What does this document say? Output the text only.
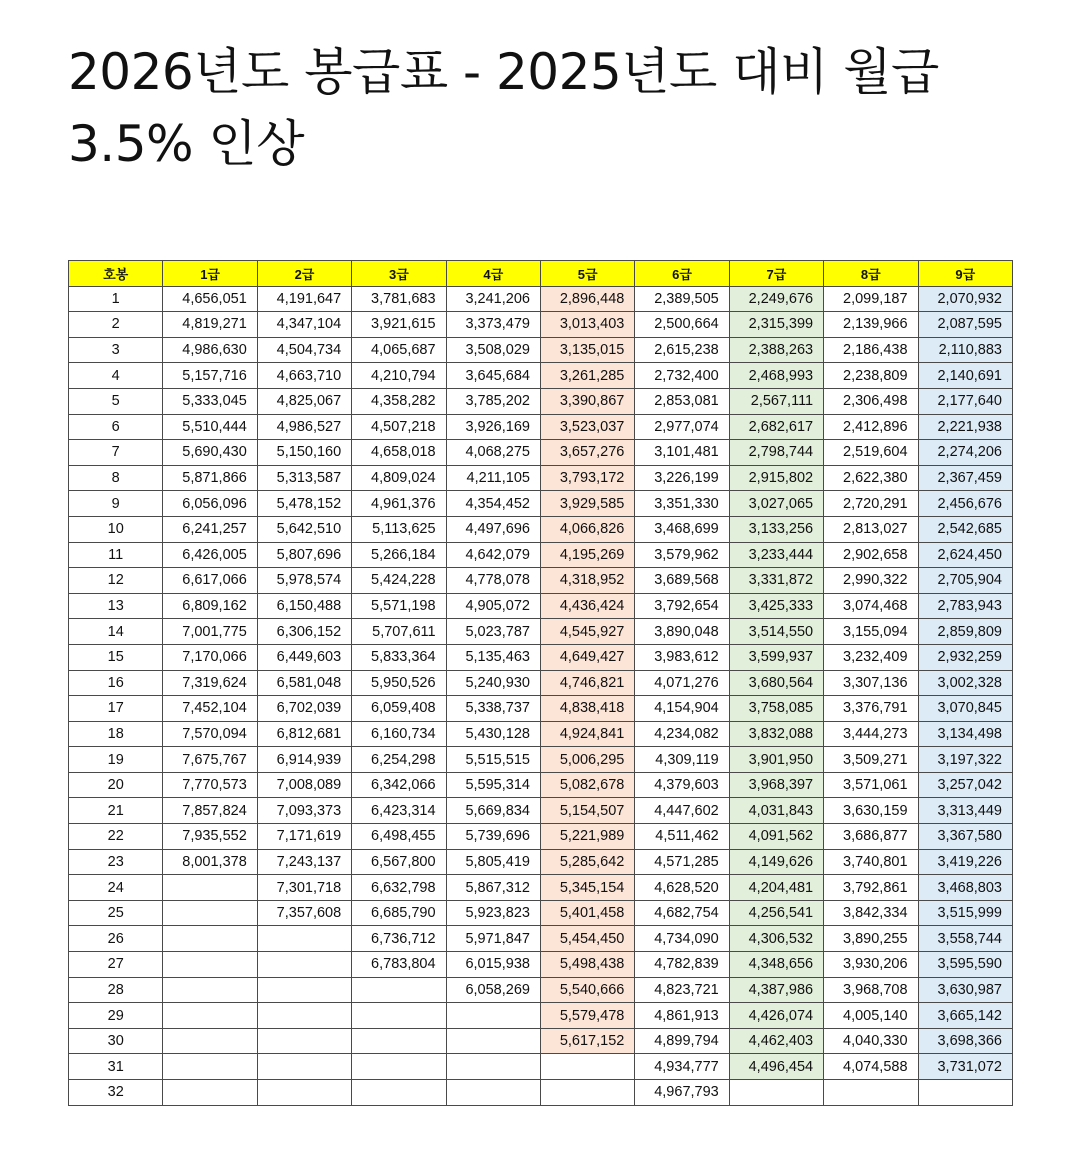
2026년도 봉급표 - 2025년도 대비 월급 3.5% 인상
호봉	1급	2급	3급	4급	5급	6급	7급	8급	9급
1	4,656,051	4,191,647	3,781,683	3,241,206	2,896,448	2,389,505	2,249,676	2,099,187	2,070,932
2	4,819,271	4,347,104	3,921,615	3,373,479	3,013,403	2,500,664	2,315,399	2,139,966	2,087,595
3	4,986,630	4,504,734	4,065,687	3,508,029	3,135,015	2,615,238	2,388,263	2,186,438	2,110,883
4	5,157,716	4,663,710	4,210,794	3,645,684	3,261,285	2,732,400	2,468,993	2,238,809	2,140,691
5	5,333,045	4,825,067	4,358,282	3,785,202	3,390,867	2,853,081	2,567,111	2,306,498	2,177,640
6	5,510,444	4,986,527	4,507,218	3,926,169	3,523,037	2,977,074	2,682,617	2,412,896	2,221,938
7	5,690,430	5,150,160	4,658,018	4,068,275	3,657,276	3,101,481	2,798,744	2,519,604	2,274,206
8	5,871,866	5,313,587	4,809,024	4,211,105	3,793,172	3,226,199	2,915,802	2,622,380	2,367,459
9	6,056,096	5,478,152	4,961,376	4,354,452	3,929,585	3,351,330	3,027,065	2,720,291	2,456,676
10	6,241,257	5,642,510	5,113,625	4,497,696	4,066,826	3,468,699	3,133,256	2,813,027	2,542,685
11	6,426,005	5,807,696	5,266,184	4,642,079	4,195,269	3,579,962	3,233,444	2,902,658	2,624,450
12	6,617,066	5,978,574	5,424,228	4,778,078	4,318,952	3,689,568	3,331,872	2,990,322	2,705,904
13	6,809,162	6,150,488	5,571,198	4,905,072	4,436,424	3,792,654	3,425,333	3,074,468	2,783,943
14	7,001,775	6,306,152	5,707,611	5,023,787	4,545,927	3,890,048	3,514,550	3,155,094	2,859,809
15	7,170,066	6,449,603	5,833,364	5,135,463	4,649,427	3,983,612	3,599,937	3,232,409	2,932,259
16	7,319,624	6,581,048	5,950,526	5,240,930	4,746,821	4,071,276	3,680,564	3,307,136	3,002,328
17	7,452,104	6,702,039	6,059,408	5,338,737	4,838,418	4,154,904	3,758,085	3,376,791	3,070,845
18	7,570,094	6,812,681	6,160,734	5,430,128	4,924,841	4,234,082	3,832,088	3,444,273	3,134,498
19	7,675,767	6,914,939	6,254,298	5,515,515	5,006,295	4,309,119	3,901,950	3,509,271	3,197,322
20	7,770,573	7,008,089	6,342,066	5,595,314	5,082,678	4,379,603	3,968,397	3,571,061	3,257,042
21	7,857,824	7,093,373	6,423,314	5,669,834	5,154,507	4,447,602	4,031,843	3,630,159	3,313,449
22	7,935,552	7,171,619	6,498,455	5,739,696	5,221,989	4,511,462	4,091,562	3,686,877	3,367,580
23	8,001,378	7,243,137	6,567,800	5,805,419	5,285,642	4,571,285	4,149,626	3,740,801	3,419,226
24		7,301,718	6,632,798	5,867,312	5,345,154	4,628,520	4,204,481	3,792,861	3,468,803
25		7,357,608	6,685,790	5,923,823	5,401,458	4,682,754	4,256,541	3,842,334	3,515,999
26			6,736,712	5,971,847	5,454,450	4,734,090	4,306,532	3,890,255	3,558,744
27			6,783,804	6,015,938	5,498,438	4,782,839	4,348,656	3,930,206	3,595,590
28				6,058,269	5,540,666	4,823,721	4,387,986	3,968,708	3,630,987
29					5,579,478	4,861,913	4,426,074	4,005,140	3,665,142
30					5,617,152	4,899,794	4,462,403	4,040,330	3,698,366
31						4,934,777	4,496,454	4,074,588	3,731,072
32						4,967,793			
